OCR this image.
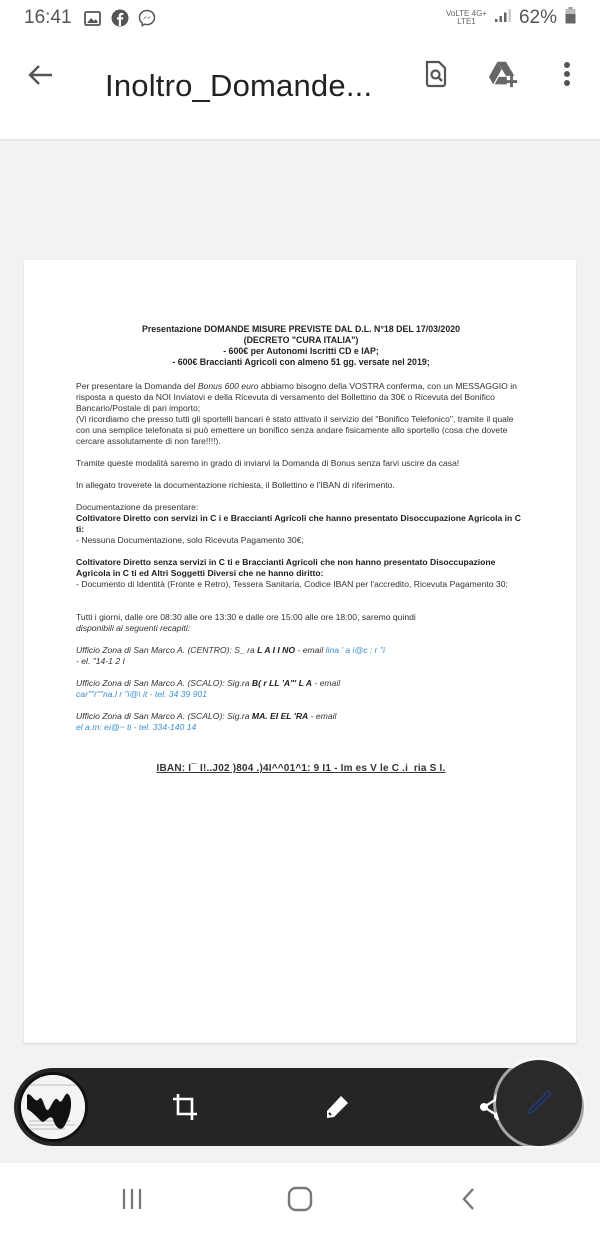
16:41	VoLTE 4G+
LTE1	62%
Inoltro_Domande...
Presentazione DOMANDE MISURE PREVISTE DAL D.L. N°18 DEL 17/03/2020
(DECRETO "CURA ITALIA")
- 600€ per Autonomi Iscritti CD e IAP;
- 600€ Braccianti Agricoli con almeno 51 gg. versate nel 2019;

Per presentare la Domanda del Bonus 600 euro abbiamo bisogno della VOSTRA conferma, con un MESSAGGIO in risposta a questo da NOI Inviatovi e della Ricevuta di versamento del Bollettino da 30€ o Ricevuta del Bonifico Bancario/Postale di pari importo;
(Vi ricordiamo che presso tutti gli sportelli bancari è stato attivato il servizio del "Bonifico Telefonico", tramite il quale con una semplice telefonata si può emettere un bonifico senza andare fisicamente allo sportello (cosa che dovete cercare assolutamente di non fare!!!!).

Tramite queste modalità saremo in grado di inviarvi la Domanda di Bonus senza farvi uscire da casa!

In allegato troverete la documentazione richiesta, il Bollettino e l'IBAN di riferimento.

Documentazione da presentare:
Coltivatore Diretto con servizi in C i e Braccianti Agricoli che hanno presentato Disoccupazione Agricola in C ti:
- Nessuna Documentazione, solo Ricevuta Pagamento 30€;

Coltivatore Diretto senza servizi in C ti e Braccianti Agricoli che non hanno presentato Disoccupazione Agricola in C ti ed Altri Soggetti Diversi che ne hanno diritto:
- Documento di Identità (Fronte e Retro), Tessera Sanitaria, Codice IBAN per l'accredito, Ricevuta Pagamento 30;

Tutti i giorni, dalle ore 08:30 alle ore 13:30 e dalle ore 15:00 alle ore 18:00, saremo quindi
disponibili ai seguenti recapiti:

Ufficio Zona di San Marco A. (CENTRO): S_ ra L A I I NO - email lina ' a i@c : r "i
- el. "14-1 2 I
Ufficio Zona di San Marco A. (SCALO): Sig.ra B( r LL 'A"' L A - email
car""r""na.l r "i@\ it - tel. 34 39 901
Ufficio Zona di San Marco A. (SCALO): Sig.ra MA. EI EL 'RA - email
el a.m: ei@~ ti - tel. 334-140 14
IBAN: I¯ I!..J02 )804 .)4I^^01^1: 9 I1 - Im es V le C .i_ria S I.
